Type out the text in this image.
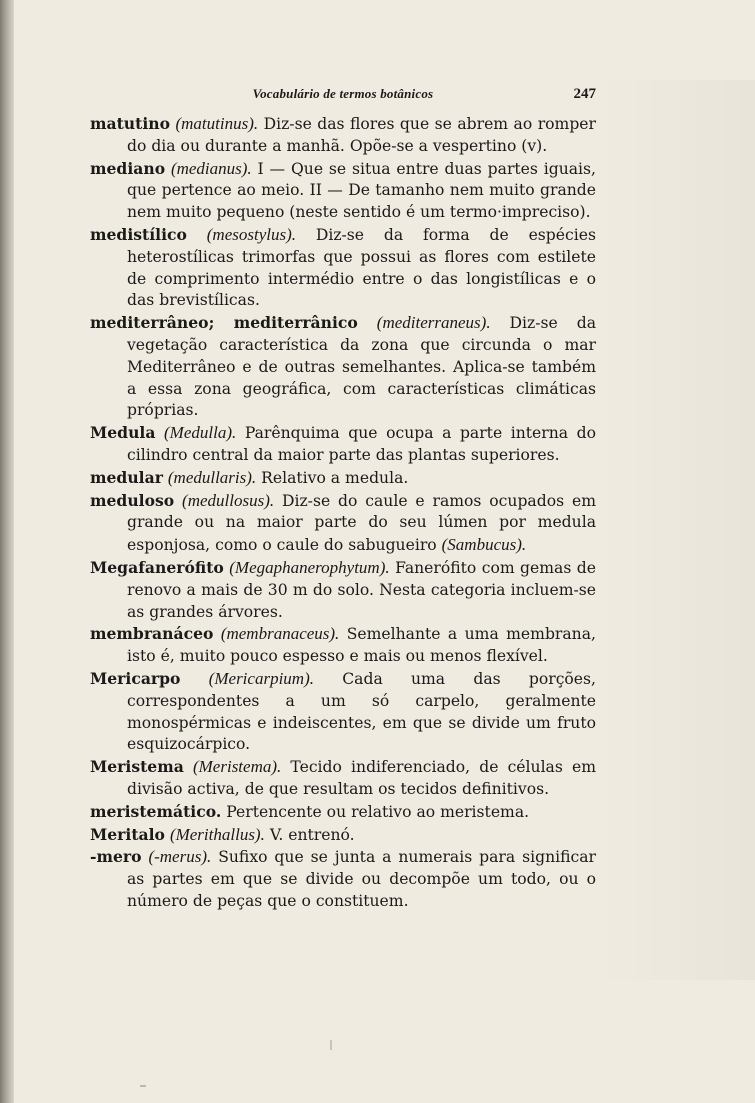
Vocabulário de termos botânicos	247

matutino (matutinus). Diz-se das flores que se abrem ao romper do dia ou durante a manhã. Opõe-se a vespertino (v).

mediano (medianus). I — Que se situa entre duas partes iguais, que pertence ao meio. II — De tamanho nem muito grande nem muito pequeno (neste sentido é um termo·impreciso).

medistílico (mesostylus). Diz-se da forma de espécies heterostílicas trimorfas que possui as flores com estilete de comprimento intermédio entre o das longistílicas e o das brevistílicas.

mediterrâneo; mediterrânico (mediterraneus). Diz-se da vegetação característica da zona que circunda o mar Mediterrâneo e de outras semelhantes. Aplica-se também a essa zona geográfica, com características climáticas próprias.

Medula (Medulla). Parênquima que ocupa a parte interna do cilindro central da maior parte das plantas superiores.

medular (medullaris). Relativo a medula.

meduloso (medullosus). Diz-se do caule e ramos ocupados em grande ou na maior parte do seu lúmen por medula esponjosa, como o caule do sabugueiro (Sambucus).

Megafanerófito (Megaphanerophytum). Fanerófito com gemas de renovo a mais de 30 m do solo. Nesta categoria incluem-se as grandes árvores.

membranáceo (membranaceus). Semelhante a uma membrana, isto é, muito pouco espesso e mais ou menos flexível.

Mericarpo (Mericarpium). Cada uma das porções, correspondentes a um só carpelo, geralmente monospérmicas e indeiscentes, em que se divide um fruto esquizocárpico.

Meristema (Meristema). Tecido indiferenciado, de células em divisão activa, de que resultam os tecidos definitivos.

meristemático. Pertencente ou relativo ao meristema.

Meritalo (Merithallus). V. entrenó.

-mero (-merus). Sufixo que se junta a numerais para significar as partes em que se divide ou decompõe um todo, ou o número de peças que o constituem.
